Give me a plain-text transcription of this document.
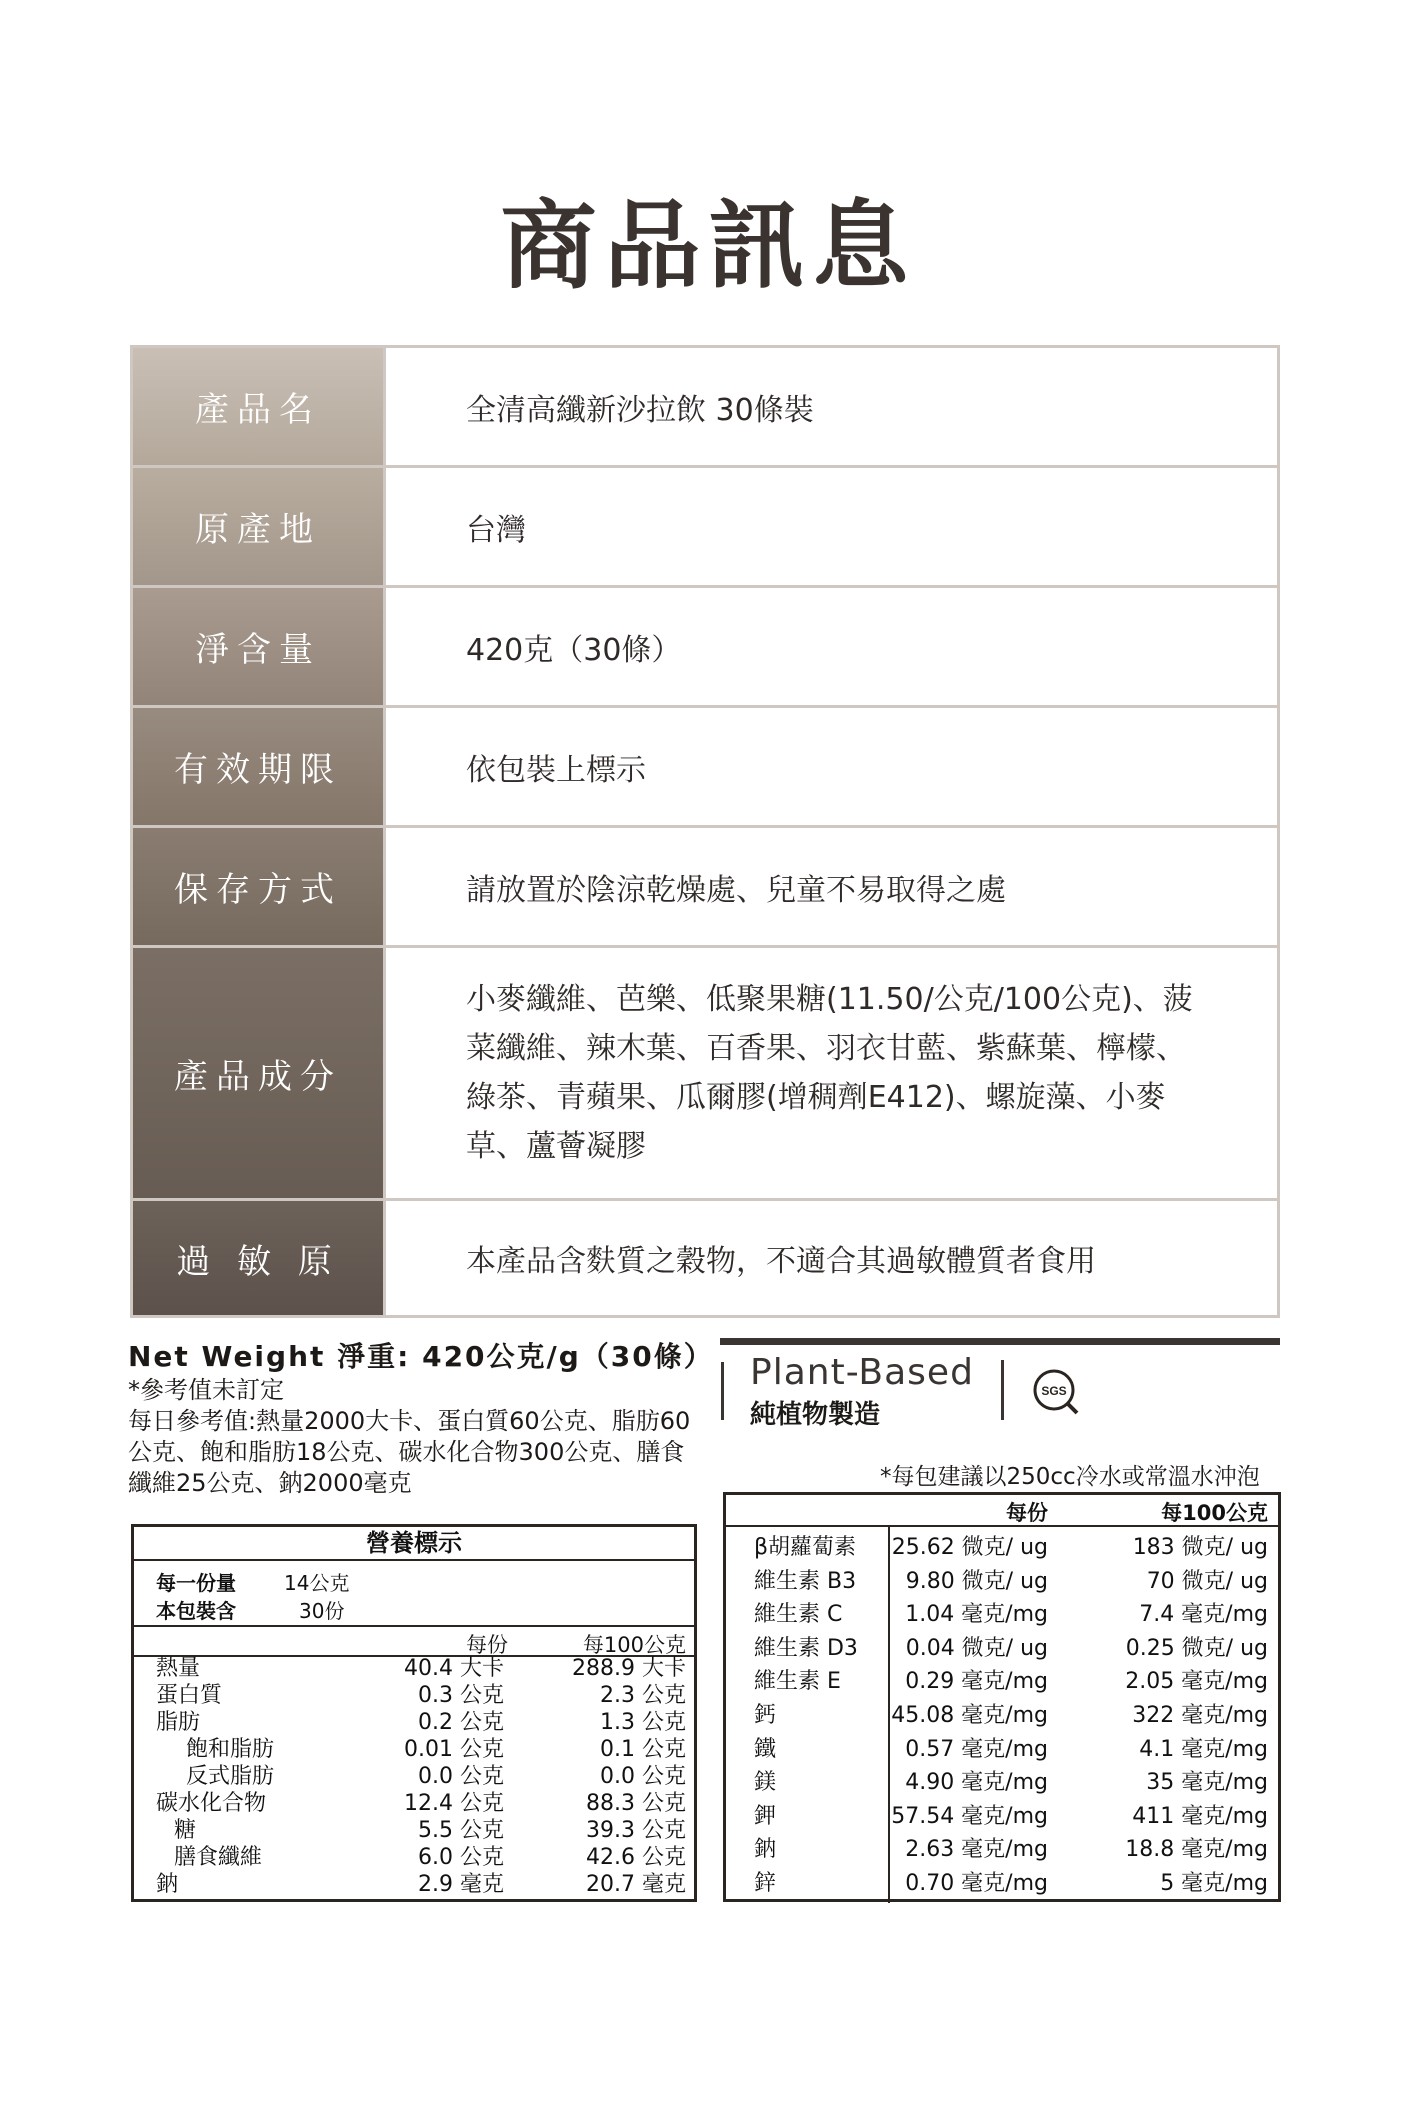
商品訊息
產品名	全清高纖新沙拉飲 30條裝
原產地	台灣
淨含量	420克（30條）
有效期限	依包裝上標示
保存方式	請放置於陰涼乾燥處、兒童不易取得之處
產品成分
小麥纖維、芭樂、低聚果糖(11.50/公克/100公克)、菠菜纖維、辣木葉、百香果、羽衣甘藍、紫蘇葉、檸檬、綠茶、青蘋果、瓜爾膠(增稠劑E412)、螺旋藻、小麥草、蘆薈凝膠
過 敏 原	本產品含麩質之穀物，不適合其過敏體質者食用
Net Weight 淨重: 420公克/g（30條）
*參考值未訂定
每日參考值:熱量2000大卡、蛋白質60公克、脂肪60公克、飽和脂肪18公克、碳水化合物300公克、膳食纖維25公克、鈉2000毫克
Plant-Based
純植物製造
SGS
*每包建議以250cc冷水或常溫水沖泡
營養標示
每一份量 14公克
本包裝含	30份
每份	每100公克
熱量	40.4 大卡	288.9 大卡
蛋白質	0.3 公克	2.3 公克
脂肪	0.2 公克	1.3 公克
飽和脂肪	0.01 公克	0.1 公克
反式脂肪	0.0 公克	0.0 公克
碳水化合物	12.4 公克	88.3 公克
糖	5.5 公克	39.3 公克
膳食纖維	6.0 公克	42.6 公克
鈉	2.9 毫克	20.7 毫克
每份	每100公克
β胡蘿蔔素 25.62 微克/ ug	183 微克/ ug
維生素 B3 9.80 微克/ ug	70 微克/ ug
維生素 C	1.04 毫克/mg	7.4 毫克/mg
維生素 D3 0.04 微克/ ug	0.25 微克/ ug
維生素 E	0.29 毫克/mg	2.05 毫克/mg
鈣	45.08 毫克/mg	322 毫克/mg
鐵	0.57 毫克/mg	4.1 毫克/mg
鎂	4.90 毫克/mg	35 毫克/mg
鉀	57.54 毫克/mg	411 毫克/mg
鈉	2.63 毫克/mg	18.8 毫克/mg
鋅	0.70 毫克/mg	5 毫克/mg
